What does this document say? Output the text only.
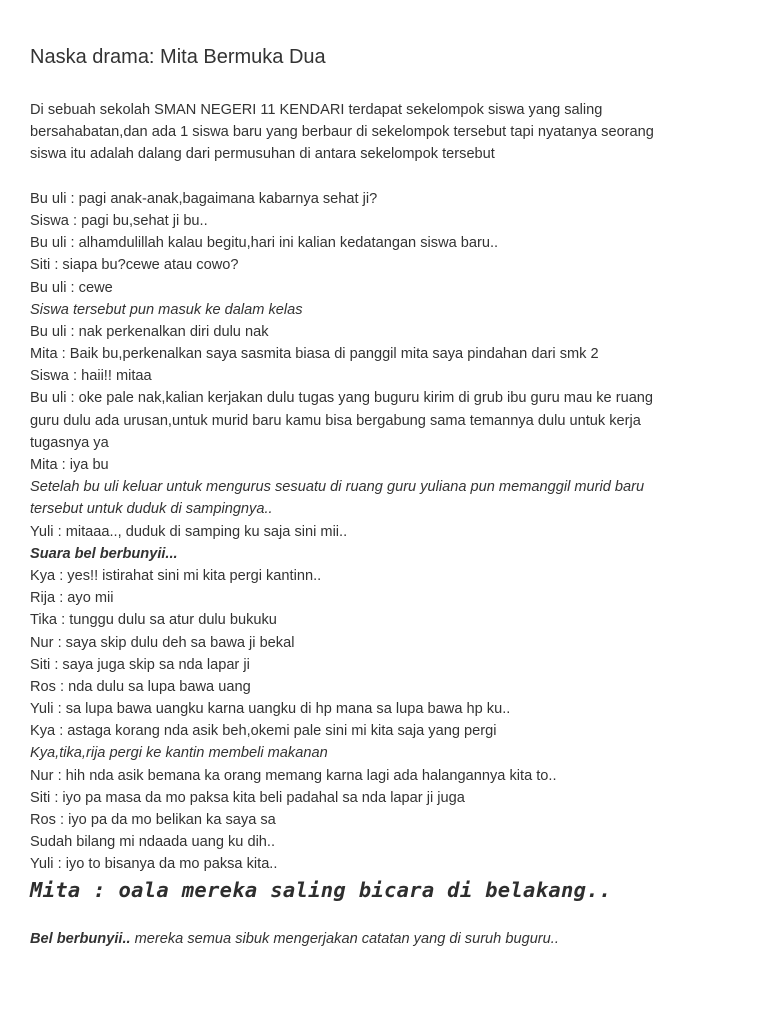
Naska drama: Mita Bermuka Dua
Di sebuah sekolah SMAN NEGERI 11 KENDARI terdapat sekelompok siswa yang saling
bersahabatan,dan ada 1 siswa baru yang berbaur di sekelompok tersebut tapi nyatanya seorang
siswa itu adalah dalang dari permusuhan di antara sekelompok tersebut
Bu uli : pagi anak-anak,bagaimana kabarnya sehat ji?
Siswa : pagi bu,sehat ji bu..
Bu uli : alhamdulillah kalau begitu,hari ini kalian kedatangan siswa baru..
Siti : siapa bu?cewe atau cowo?
Bu uli : cewe
Siswa tersebut pun masuk ke dalam kelas
Bu uli : nak perkenalkan diri dulu nak
Mita : Baik bu,perkenalkan saya sasmita biasa di panggil mita saya pindahan dari smk 2
Siswa : haii!! mitaa
Bu uli : oke pale nak,kalian kerjakan dulu tugas yang buguru kirim di grub ibu guru mau ke ruang
guru dulu ada urusan,untuk murid baru kamu bisa bergabung sama temannya dulu untuk kerja
tugasnya ya
Mita : iya bu
Setelah bu uli keluar untuk mengurus sesuatu di ruang guru yuliana pun memanggil murid baru
tersebut untuk duduk di sampingnya..
Yuli : mitaaa.., duduk di samping ku saja sini mii..
Suara bel berbunyii...
Kya : yes!! istirahat sini mi kita pergi kantinn..
Rija : ayo mii
Tika : tunggu dulu sa atur dulu bukuku
Nur : saya skip dulu deh sa bawa ji bekal
Siti : saya juga skip sa nda lapar ji
Ros : nda dulu sa lupa bawa uang
Yuli : sa lupa bawa uangku karna uangku di hp mana sa lupa bawa hp ku..
Kya : astaga korang nda asik beh,okemi pale sini mi kita saja yang pergi
Kya,tika,rija pergi ke kantin membeli makanan
Nur : hih nda asik bemana ka orang memang karna lagi ada halangannya kita to..
Siti : iyo pa masa da mo paksa kita beli padahal sa nda lapar ji juga
Ros : iyo pa da mo belikan ka saya sa
Sudah bilang mi ndaada uang ku dih..
Yuli : iyo to bisanya da mo paksa kita..
Mita : oala mereka saling bicara di belakang..
Bel berbunyii.. mereka semua sibuk mengerjakan catatan yang di suruh buguru..
